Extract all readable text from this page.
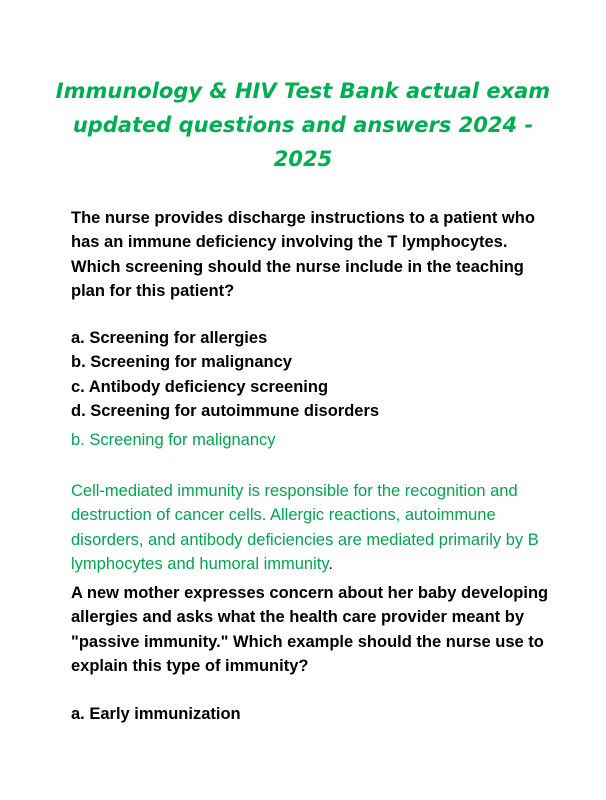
Immunology & HIV Test Bank actual exam updated questions and answers 2024 - 2025

The nurse provides discharge instructions to a patient who has an immune deficiency involving the T lymphocytes. Which screening should the nurse include in the teaching plan for this patient?

a. Screening for allergies
b. Screening for malignancy
c. Antibody deficiency screening
d. Screening for autoimmune disorders

b. Screening for malignancy

Cell-mediated immunity is responsible for the recognition and destruction of cancer cells. Allergic reactions, autoimmune disorders, and antibody deficiencies are mediated primarily by B lymphocytes and humoral immunity.

A new mother expresses concern about her baby developing allergies and asks what the health care provider meant by "passive immunity." Which example should the nurse use to explain this type of immunity?

a. Early immunization
